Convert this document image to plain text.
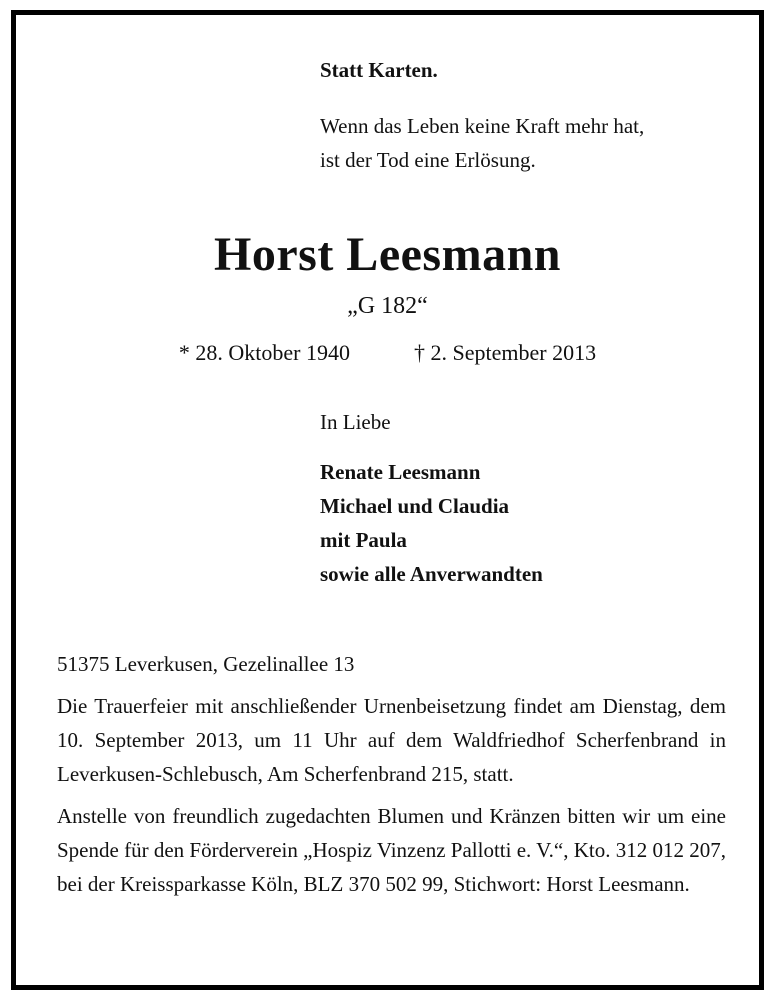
Statt Karten.
Wenn das Leben keine Kraft mehr hat,
ist der Tod eine Erlösung.
Horst Leesmann
„G 182“
* 28. Oktober 1940	† 2. September 2013
In Liebe
Renate Leesmann
Michael und Claudia
mit Paula
sowie alle Anverwandten

51375 Leverkusen, Gezelinallee 13

Die Trauerfeier mit anschließender Urnenbeisetzung findet am Dienstag, dem 10. September 2013, um 11 Uhr auf dem Waldfriedhof Scherfenbrand in Leverkusen-Schlebusch, Am Scherfenbrand 215, statt.

Anstelle von freundlich zugedachten Blumen und Kränzen bitten wir um eine Spende für den Förderverein „Hospiz Vinzenz Pallotti e. V.“, Kto. 312 012 207, bei der Kreissparkasse Köln, BLZ 370 502 99, Stichwort: Horst Leesmann.
